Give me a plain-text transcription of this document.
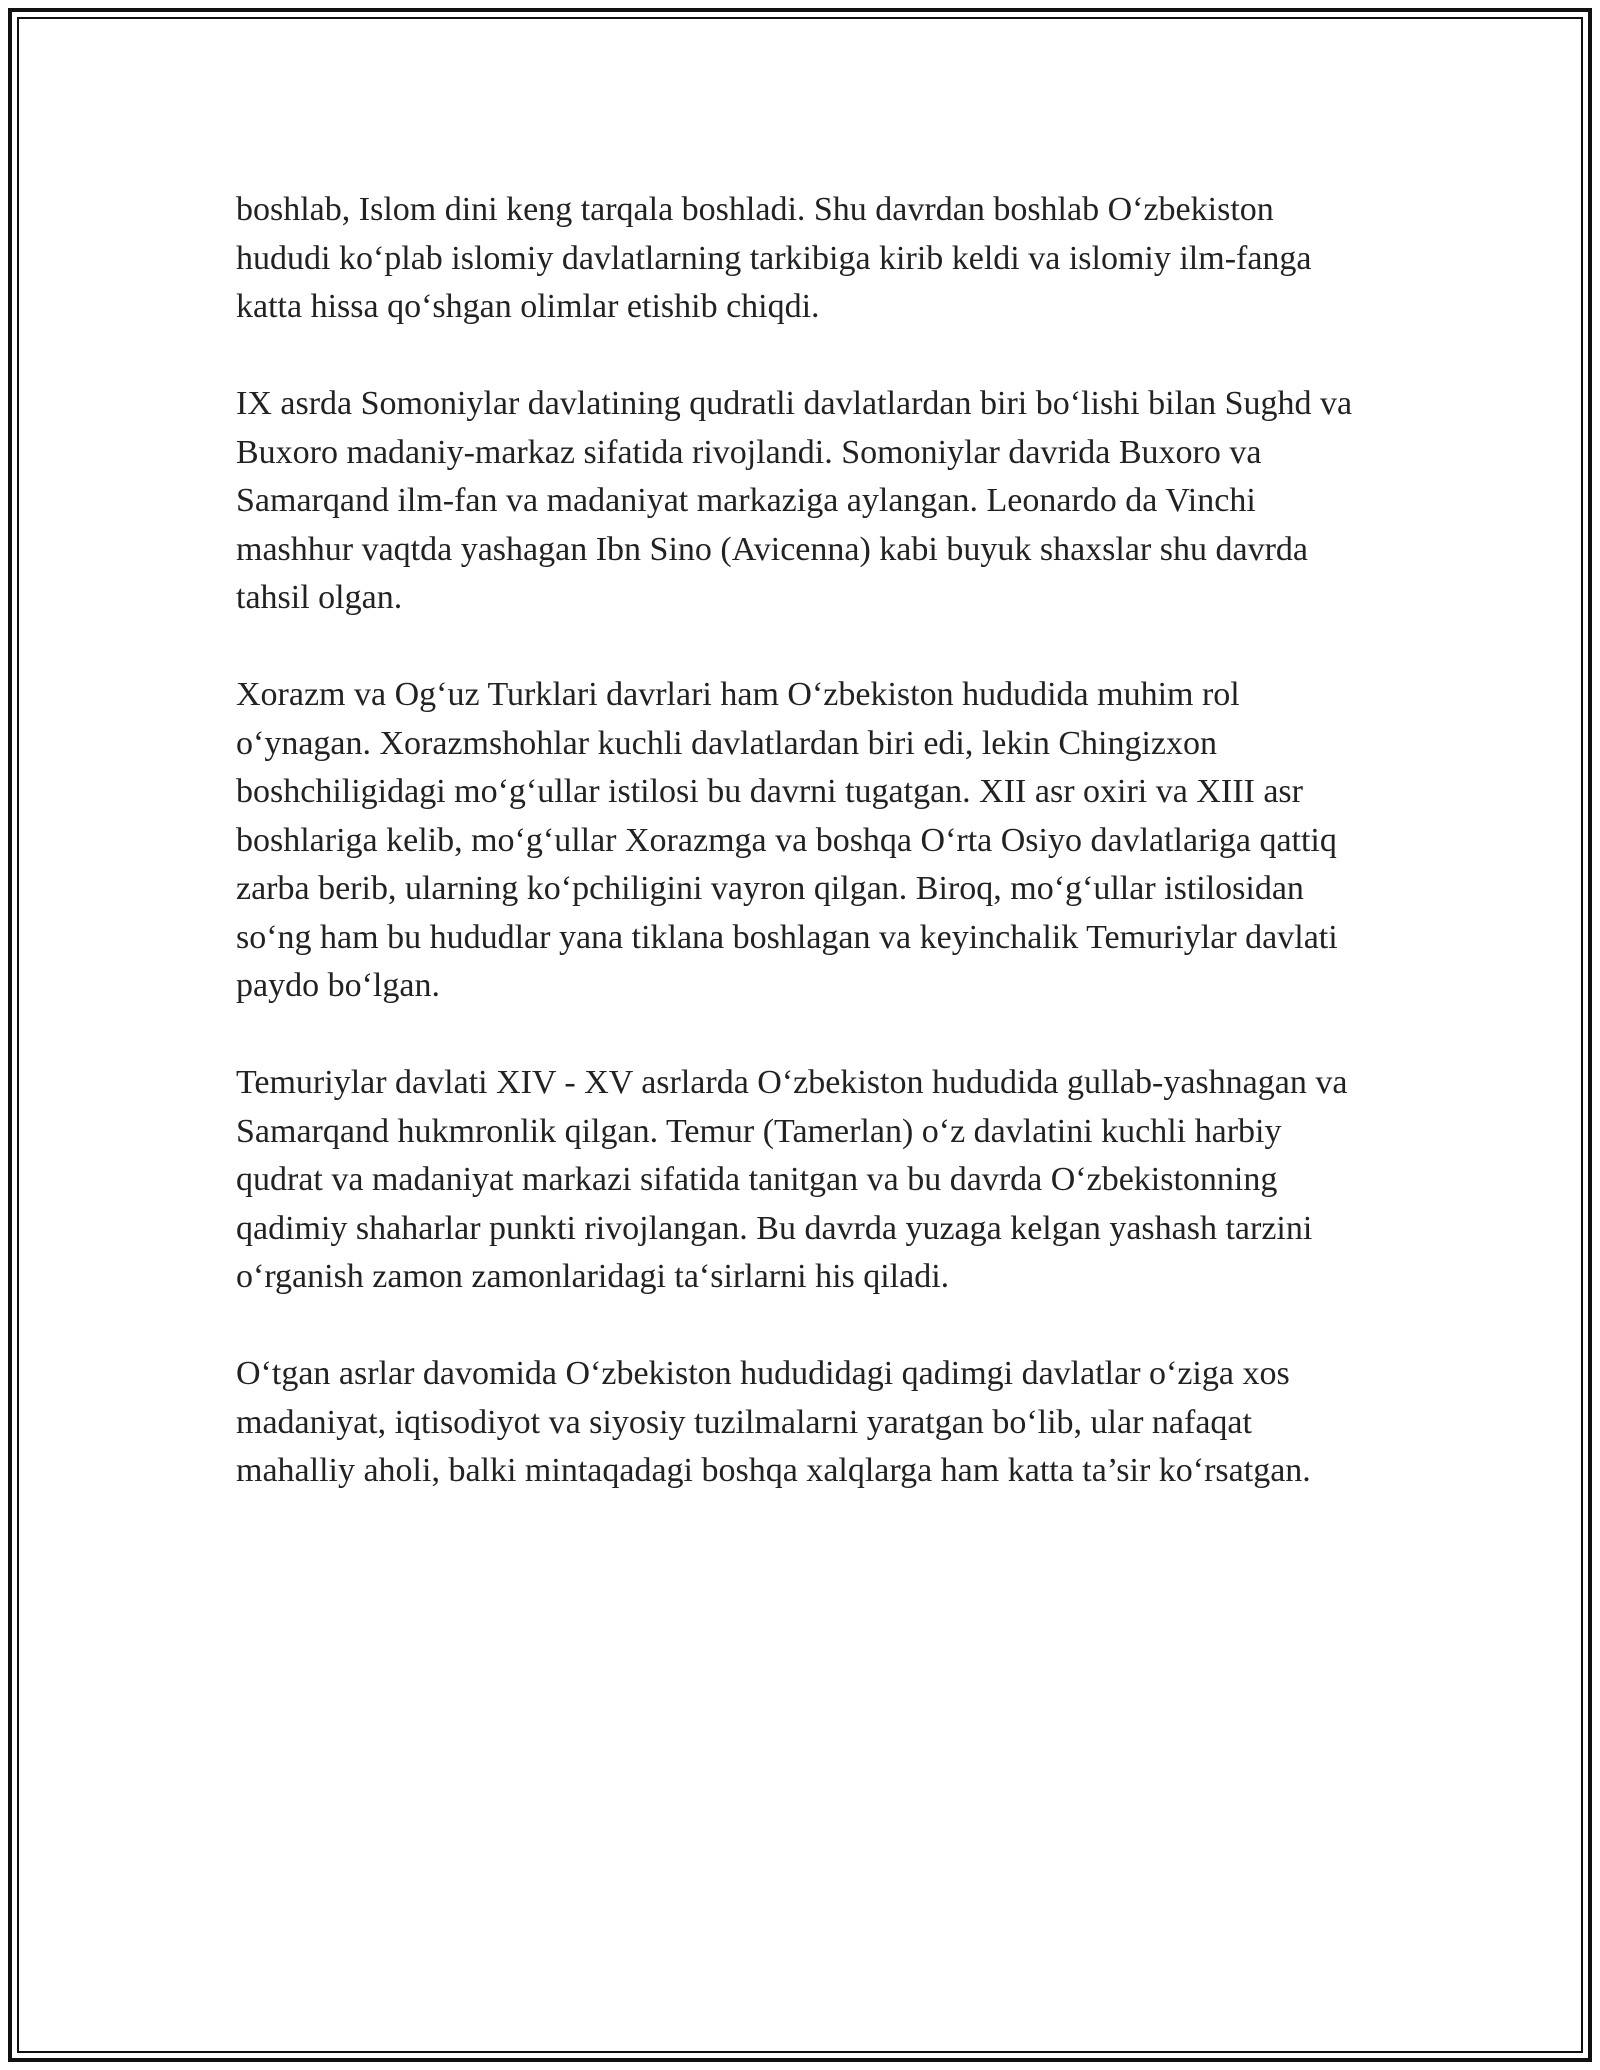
boshlab, Islom dini keng tarqala boshladi. Shu davrdan boshlab O‘zbekiston hududi ko‘plab islomiy davlatlarning tarkibiga kirib keldi va islomiy ilm-fanga katta hissa qo‘shgan olimlar etishib chiqdi.

IX asrda Somoniylar davlatining qudratli davlatlardan biri bo‘lishi bilan Sughd va Buxoro madaniy-markaz sifatida rivojlandi. Somoniylar davrida Buxoro va Samarqand ilm-fan va madaniyat markaziga aylangan. Leonardo da Vinchi mashhur vaqtda yashagan Ibn Sino (Avicenna) kabi buyuk shaxslar shu davrda tahsil olgan.

Xorazm va Og‘uz Turklari davrlari ham O‘zbekiston hududida muhim rol o‘ynagan. Xorazmshohlar kuchli davlatlardan biri edi, lekin Chingizxon boshchiligidagi mo‘g‘ullar istilosi bu davrni tugatgan. XII asr oxiri va XIII asr boshlariga kelib, mo‘g‘ullar Xorazmga va boshqa O‘rta Osiyo davlatlariga qattiq zarba berib, ularning ko‘pchiligini vayron qilgan. Biroq, mo‘g‘ullar istilosidan so‘ng ham bu hududlar yana tiklana boshlagan va keyinchalik Temuriylar davlati paydo bo‘lgan.

Temuriylar davlati XIV - XV asrlarda O‘zbekiston hududida gullab-yashnagan va Samarqand hukmronlik qilgan. Temur (Tamerlan) o‘z davlatini kuchli harbiy qudrat va madaniyat markazi sifatida tanitgan va bu davrda O‘zbekistonning qadimiy shaharlar punkti rivojlangan. Bu davrda yuzaga kelgan yashash tarzini o‘rganish zamon zamonlaridagi ta‘sirlarni his qiladi.

O‘tgan asrlar davomida O‘zbekiston hududidagi qadimgi davlatlar o‘ziga xos madaniyat, iqtisodiyot va siyosiy tuzilmalarni yaratgan bo‘lib, ular nafaqat mahalliy aholi, balki mintaqadagi boshqa xalqlarga ham katta ta’sir ko‘rsatgan.
